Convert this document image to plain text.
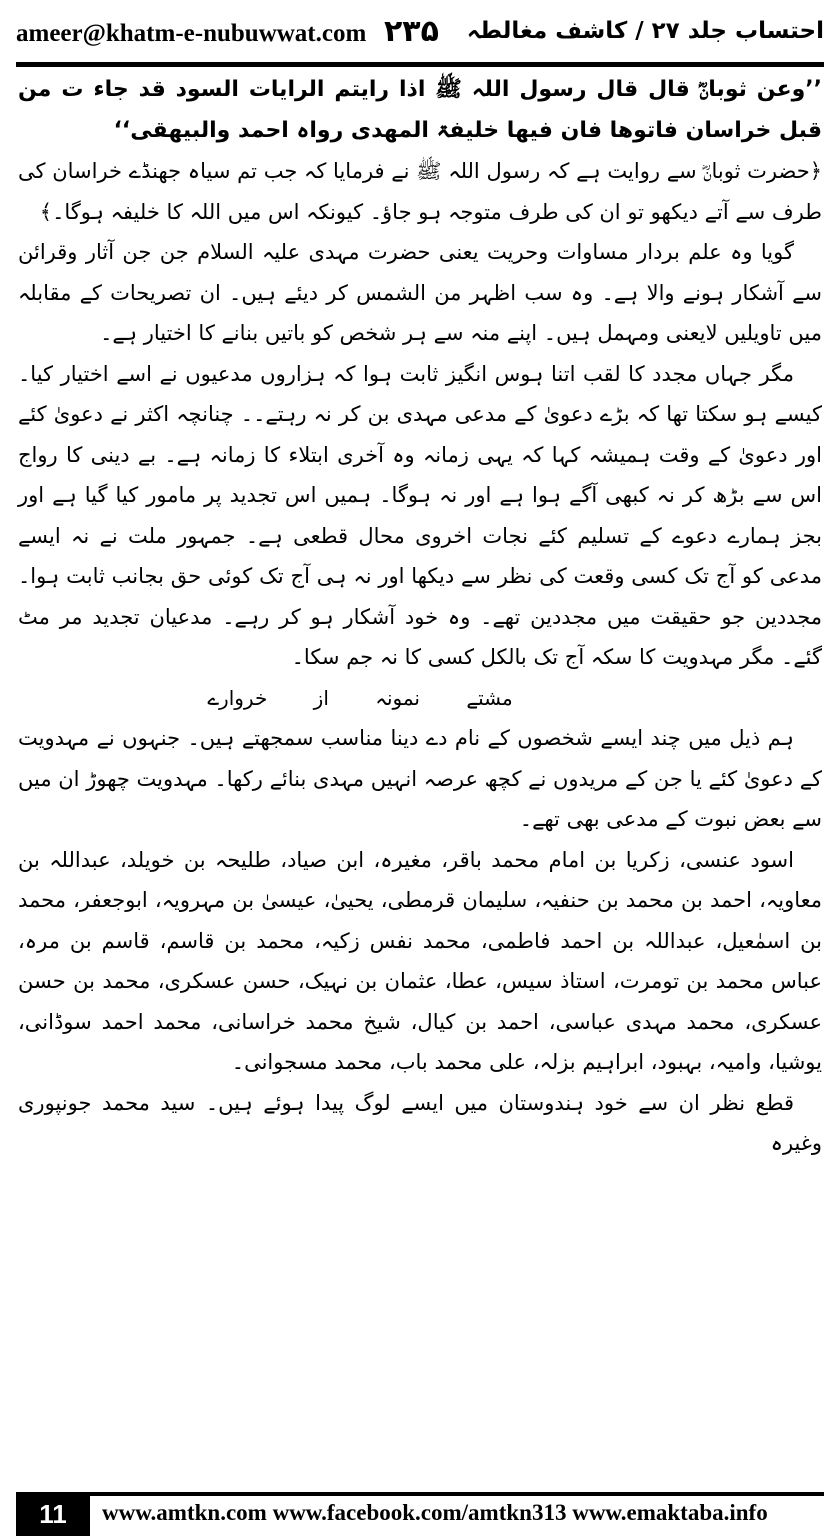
ameer@khatm-e-nubuwwat.com ۲۳۵ احتساب جلد ۲۷ / کاشف مغالطہ

’’وعن ثوبانؓ قال قال رسول اللہ ﷺ اذا رایتم الرایات السود قد جاء ت من قبل خراسان فاتوھا فان فیھا خلیفۃ المھدی رواہ احمد والبیھقی‘‘

﴿حضرت ثوبانؓ سے روایت ہے کہ رسول اللہ ﷺ نے فرمایا کہ جب تم سیاہ جھنڈے خراسان کی طرف سے آتے دیکھو تو ان کی طرف متوجہ ہو جاؤ۔ کیونکہ اس میں اللہ کا خلیفہ ہوگا۔﴾

گویا وہ علم بردار مساوات وحریت یعنی حضرت مہدی علیہ السلام جن جن آثار وقرائن سے آشکار ہونے والا ہے۔ وہ سب اظہر من الشمس کر دیئے ہیں۔ ان تصریحات کے مقابلہ میں تاویلیں لایعنی ومہمل ہیں۔ اپنے منہ سے ہر شخص کو باتیں بنانے کا اختیار ہے۔

مگر جہاں مجدد کا لقب اتنا ہوس انگیز ثابت ہوا کہ ہزاروں مدعیوں نے اسے اختیار کیا۔ کیسے ہو سکتا تھا کہ بڑے دعویٰ کے مدعی مہدی بن کر نہ رہتے۔۔ چنانچہ اکثر نے دعویٰ کئے اور دعویٰ کے وقت ہمیشہ کہا کہ یہی زمانہ وہ آخری ابتلاء کا زمانہ ہے۔ بے دینی کا رواج اس سے بڑھ کر نہ کبھی آگے ہوا ہے اور نہ ہوگا۔ ہمیں اس تجدید پر مامور کیا گیا ہے اور بجز ہمارے دعوے کے تسلیم کئے نجات اخروی محال قطعی ہے۔ جمہور ملت نے نہ ایسے مدعی کو آج تک کسی وقعت کی نظر سے دیکھا اور نہ ہی آج تک کوئی حق بجانب ثابت ہوا۔ مجددین جو حقیقت میں مجددین تھے۔ وہ خود آشکار ہو کر رہے۔ مدعیان تجدید مر مٹ گئے۔ مگر مہدویت کا سکہ آج تک بالکل کسی کا نہ جم سکا۔

مشتے نمونہ از خروارے

ہم ذیل میں چند ایسے شخصوں کے نام دے دینا مناسب سمجھتے ہیں۔ جنہوں نے مہدویت کے دعویٰ کئے یا جن کے مریدوں نے کچھ عرصہ انہیں مہدی بنائے رکھا۔ مہدویت چھوڑ ان میں سے بعض نبوت کے مدعی بھی تھے۔

اسود عنسی، زکریا بن امام محمد باقر، مغیرہ، ابن صیاد، طلیحہ بن خویلد، عبداللہ بن معاویہ، احمد بن محمد بن حنفیہ، سلیمان قرمطی، یحییٰ، عیسیٰ بن مہرویہ، ابوجعفر، محمد بن اسمٰعیل، عبداللہ بن احمد فاطمی، محمد نفس زکیہ، محمد بن قاسم، قاسم بن مرہ، عباس محمد بن تومرت، استاذ سیس، عطا، عثمان بن نہیک، حسن عسکری، محمد بن حسن عسکری، محمد مہدی عباسی، احمد بن کیال، شیخ محمد خراسانی، محمد احمد سوڈانی، یوشیا، وامیہ، بہبود، ابراہیم بزلہ، علی محمد باب، محمد مسجوانی۔

قطع نظر ان سے خود ہندوستان میں ایسے لوگ پیدا ہوئے ہیں۔ سید محمد جونپوری وغیرہ

11	www.amtkn.com www.facebook.com/amtkn313 www.emaktaba.info
